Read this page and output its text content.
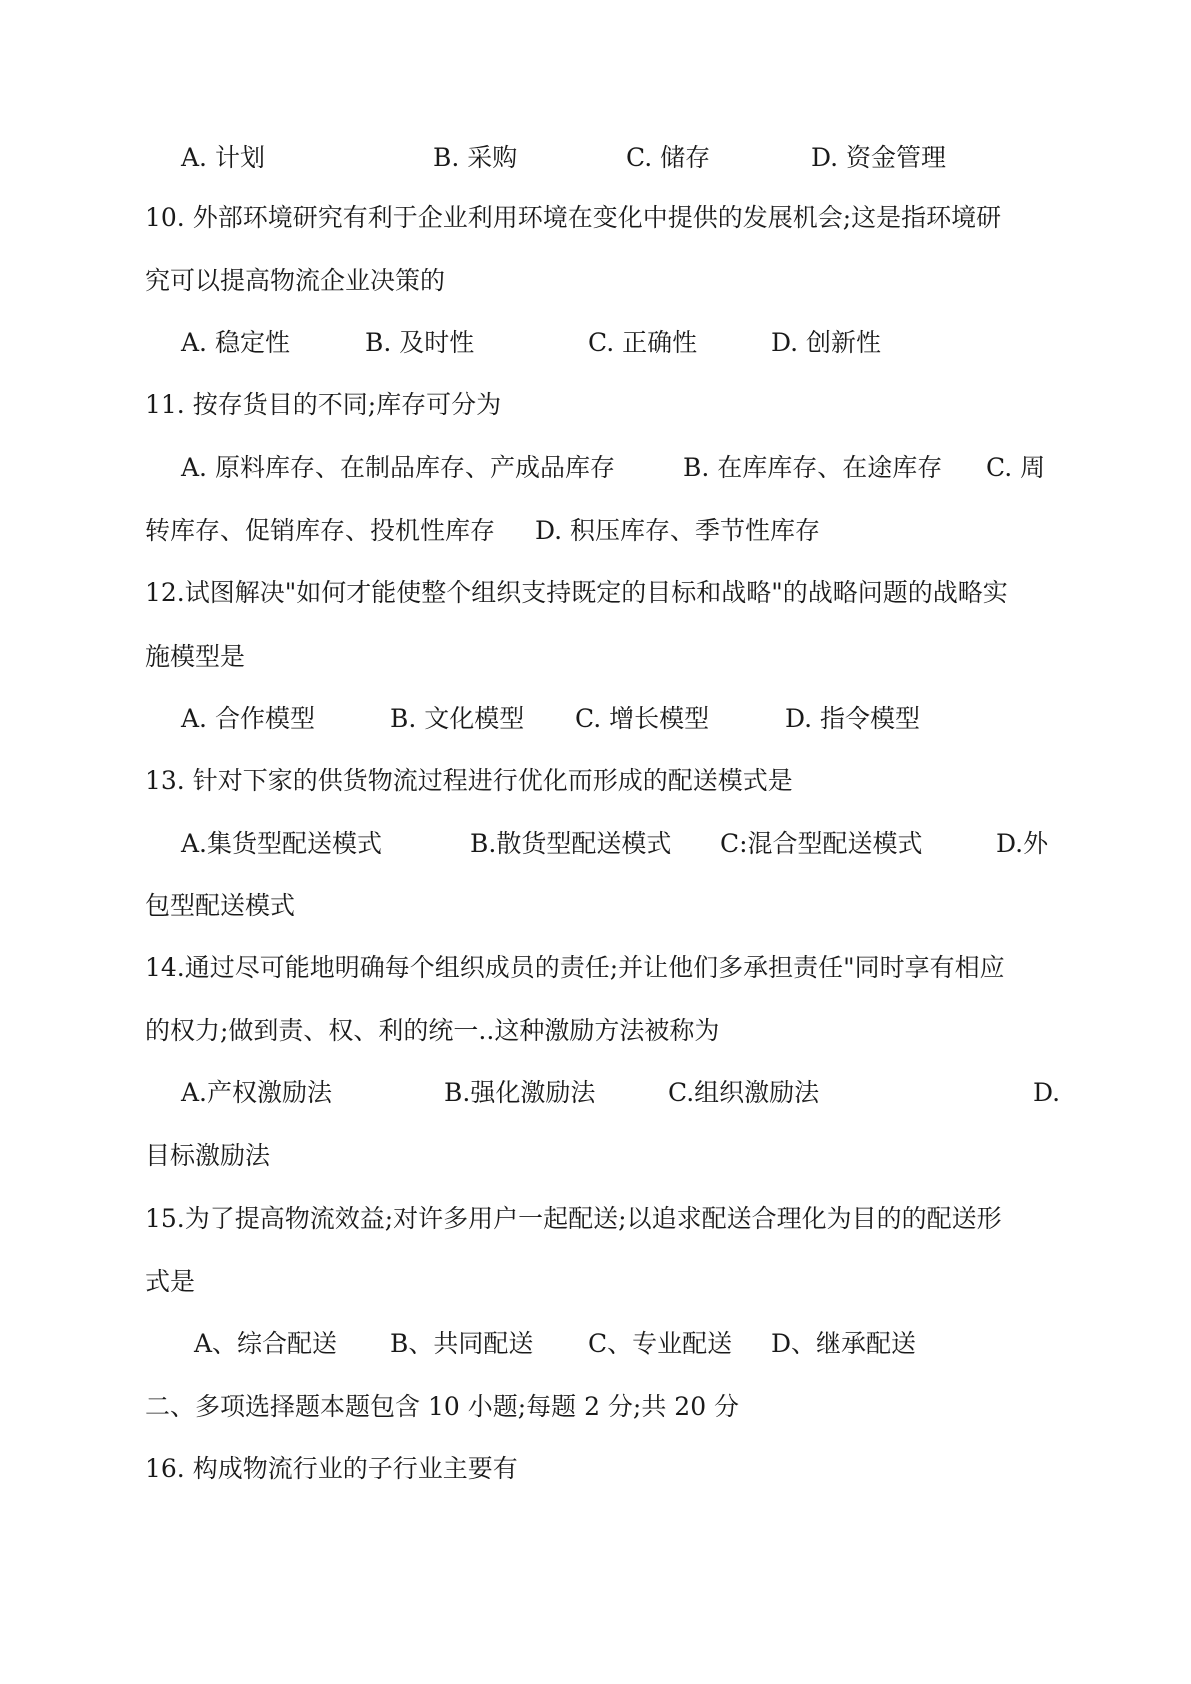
A. 计划	B. 采购	C. 储存	D. 资金管理
10. 外部环境研究有利于企业利用环境在变化中提供的发展机会;这是指环境研
究可以提高物流企业决策的
A. 稳定性	B. 及时性	C. 正确性	D. 创新性
11. 按存货目的不同;库存可分为
A. 原料库存、在制品库存、产成品库存	B. 在库库存、在途库存 C. 周
转库存、促销库存、投机性库存 D. 积压库存、季节性库存
12.试图解决"如何才能使整个组织支持既定的目标和战略"的战略问题的战略实
施模型是
A. 合作模型	B. 文化模型 C. 增长模型	D. 指令模型
13. 针对下家的供货物流过程进行优化而形成的配送模式是
A.集货型配送模式	B.散货型配送模式 C:混合型配送模式	D.外
包型配送模式
14.通过尽可能地明确每个组织成员的责任;并让他们多承担责任"同时享有相应
的权力;做到责、权、利的统一..这种激励方法被称为
A.产权激励法	B.强化激励法	C.组织激励法	D.
目标激励法
15.为了提高物流效益;对许多用户一起配送;以追求配送合理化为目的的配送形
式是
A、综合配送 B、共同配送 C、专业配送 D、继承配送
二、多项选择题本题包含 10 小题;每题 2 分;共 20 分
16. 构成物流行业的子行业主要有
